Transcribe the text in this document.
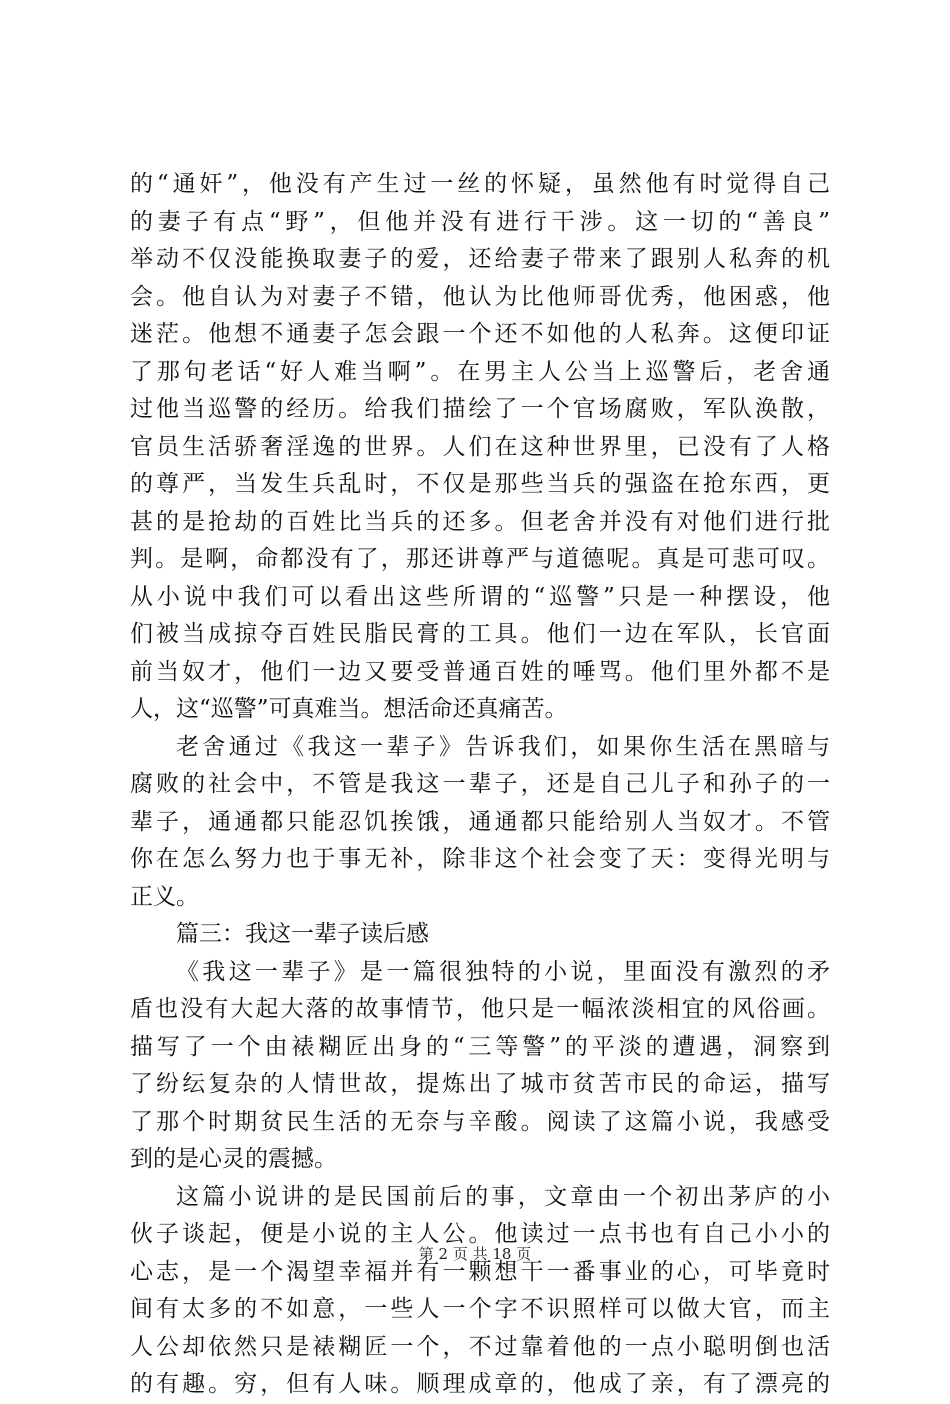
的“通奸”，他没有产生过一丝的怀疑，虽然他有时觉得自己
的妻子有点“野”，但他并没有进行干涉。这一切的“善良”
举动不仅没能换取妻子的爱，还给妻子带来了跟别人私奔的机
会。他自认为对妻子不错，他认为比他师哥优秀，他困惑，他
迷茫。他想不通妻子怎会跟一个还不如他的人私奔。这便印证
了那句老话“好人难当啊”。在男主人公当上巡警后，老舍通
过他当巡警的经历。给我们描绘了一个官场腐败，军队涣散，
官员生活骄奢淫逸的世界。人们在这种世界里，已没有了人格
的尊严，当发生兵乱时，不仅是那些当兵的强盗在抢东西，更
甚的是抢劫的百姓比当兵的还多。但老舍并没有对他们进行批
判。是啊，命都没有了，那还讲尊严与道德呢。真是可悲可叹。
从小说中我们可以看出这些所谓的“巡警”只是一种摆设，他
们被当成掠夺百姓民脂民膏的工具。他们一边在军队，长官面
前当奴才，他们一边又要受普通百姓的唾骂。他们里外都不是
人，这“巡警”可真难当。想活命还真痛苦。
老舍通过《我这一辈子》告诉我们，如果你生活在黑暗与
腐败的社会中，不管是我这一辈子，还是自己儿子和孙子的一
辈子，通通都只能忍饥挨饿，通通都只能给别人当奴才。不管
你在怎么努力也于事无补，除非这个社会变了天：变得光明与
正义。
篇三：我这一辈子读后感
《我这一辈子》是一篇很独特的小说，里面没有激烈的矛
盾也没有大起大落的故事情节，他只是一幅浓淡相宜的风俗画。
描写了一个由裱糊匠出身的“三等警”的平淡的遭遇，洞察到
了纷纭复杂的人情世故，提炼出了城市贫苦市民的命运，描写
了那个时期贫民生活的无奈与辛酸。阅读了这篇小说，我感受
到的是心灵的震撼。
这篇小说讲的是民国前后的事，文章由一个初出茅庐的小
伙子谈起，便是小说的主人公。他读过一点书也有自己小小的
心志，是一个渴望幸福并有一颗想干一番事业的心，可毕竟时
间有太多的不如意，一些人一个字不识照样可以做大官，而主
人公却依然只是裱糊匠一个，不过靠着他的一点小聪明倒也活
的有趣。穷，但有人味。顺理成章的，他成了亲，有了漂亮的
第 2 页 共 18 页
